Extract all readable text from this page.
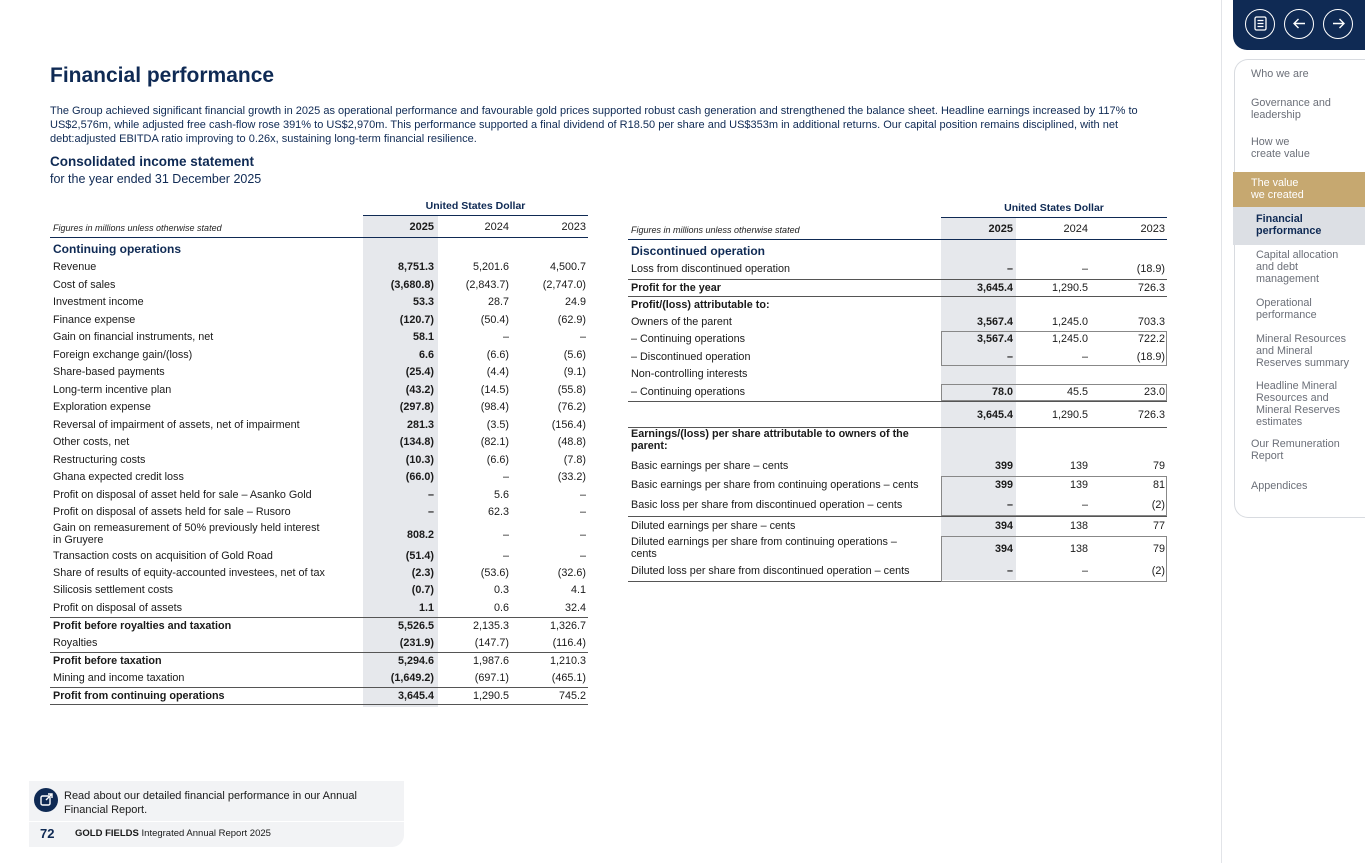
Financial performance

The Group achieved significant financial growth in 2025 as operational performance and favourable gold prices supported robust cash generation and strengthened the balance sheet. Headline earnings increased by 117% to US$2,576m, while adjusted free cash-flow rose 391% to US$2,970m. This performance supported a final dividend of R18.50 per share and US$353m in additional returns. Our capital position remains disciplined, with net debt:adjusted EBITDA ratio improving to 0.26x, sustaining long-term financial resilience.

Consolidated income statement
for the year ended 31 December 2025
United States Dollar
Figures in millions unless otherwise stated	2025	2024	2023
Continuing operations
Revenue	8,751.3	5,201.6	4,500.7
Cost of sales	(3,680.8)	(2,843.7)	(2,747.0)
Investment income	53.3	28.7	24.9
Finance expense	(120.7)	(50.4)	(62.9)
Gain on financial instruments, net	58.1	–	–
Foreign exchange gain/(loss)	6.6	(6.6)	(5.6)
Share-based payments	(25.4)	(4.4)	(9.1)
Long-term incentive plan	(43.2)	(14.5)	(55.8)
Exploration expense	(297.8)	(98.4)	(76.2)
Reversal of impairment of assets, net of impairment	281.3	(3.5)	(156.4)
Other costs, net	(134.8)	(82.1)	(48.8)
Restructuring costs	(10.3)	(6.6)	(7.8)
Ghana expected credit loss	(66.0)	–	(33.2)
Profit on disposal of asset held for sale – Asanko Gold	–	5.6	–
Profit on disposal of assets held for sale – Rusoro	–	62.3	–
Gain on remeasurement of 50% previously held interest
in Gruyere	808.2	–	–
Transaction costs on acquisition of Gold Road	(51.4)	–	–
Share of results of equity-accounted investees, net of tax	(2.3)	(53.6)	(32.6)
Silicosis settlement costs	(0.7)	0.3	4.1
Profit on disposal of assets	1.1	0.6	32.4
Profit before royalties and taxation	5,526.5	2,135.3	1,326.7
Royalties	(231.9)	(147.7)	(116.4)
Profit before taxation	5,294.6	1,987.6	1,210.3
Mining and income taxation	(1,649.2)	(697.1)	(465.1)
Profit from continuing operations	3,645.4	1,290.5	745.2
United States Dollar
Figures in millions unless otherwise stated	2025	2024	2023
Discontinued operation
Loss from discontinued operation	–	–	(18.9)
Profit for the year	3,645.4	1,290.5	726.3
Profit/(loss) attributable to:
Owners of the parent	3,567.4	1,245.0	703.3
– Continuing operations	3,567.4	1,245.0	722.2
– Discontinued operation	–	–	(18.9)
Non-controlling interests
– Continuing operations	78.0	45.5	23.0
3,645.4	1,290.5	726.3
Earnings/(loss) per share attributable to owners of the
parent:
Basic earnings per share – cents	399	139	79
Basic earnings per share from continuing operations – cents	399	139	81
Basic loss per share from discontinued operation – cents	–	–	(2)
Diluted earnings per share – cents	394	138	77
Diluted earnings per share from continuing operations –
cents	394	138	79
Diluted loss per share from discontinued operation – cents	–	–	(2)
Read about our detailed financial performance in our Annual Financial Report.
72 GOLD FIELDS Integrated Annual Report 2025
Who we are
Governance and
leadership
How we
create value
The value
we created
Our Remuneration
Report
Appendices
Financial
performance
Capital allocation
and debt
management
Operational
performance
Mineral Resources
and Mineral
Reserves summary
Headline Mineral
Resources and
Mineral Reserves
estimates
